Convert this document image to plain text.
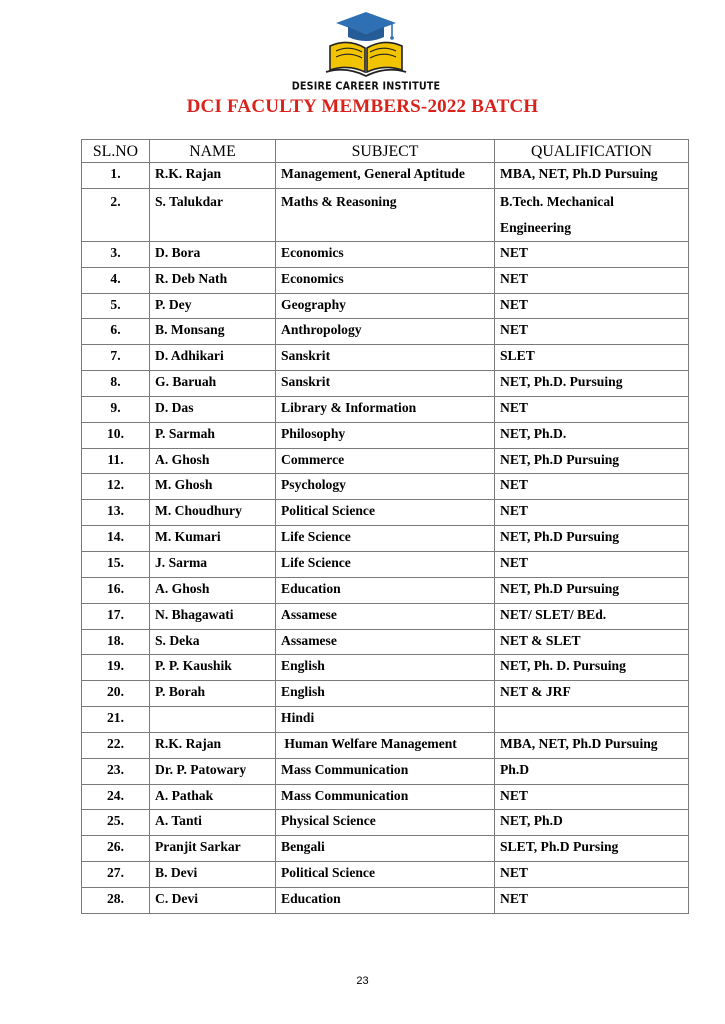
DESIRE CAREER INSTITUTE
DCI FACULTY MEMBERS-2022 BATCH
SL.NO	NAME	SUBJECT	QUALIFICATION
1.	R.K. Rajan	Management, General Aptitude	MBA, NET, Ph.D Pursuing
2.	S. Talukdar	Maths & Reasoning	B.Tech. Mechanical Engineering
3.	D. Bora	Economics	NET
4.	R. Deb Nath	Economics	NET
5.	P. Dey	Geography	NET
6.	B. Monsang	Anthropology	NET
7.	D. Adhikari	Sanskrit	SLET
8.	G. Baruah	Sanskrit	NET, Ph.D. Pursuing
9.	D. Das	Library & Information	NET
10.	P. Sarmah	Philosophy	NET, Ph.D.
11.	A. Ghosh	Commerce	NET, Ph.D Pursuing
12.	M. Ghosh	Psychology	NET
13.	M. Choudhury	Political Science	NET
14.	M. Kumari	Life Science	NET, Ph.D Pursuing
15.	J. Sarma	Life Science	NET
16.	A. Ghosh	Education	NET, Ph.D Pursuing
17.	N. Bhagawati	Assamese	NET/ SLET/ BEd.
18.	S. Deka	Assamese	NET & SLET
19.	P. P. Kaushik	English	NET, Ph. D. Pursuing
20.	P. Borah	English	NET & JRF
21.		Hindi	
22.	R.K. Rajan	Human Welfare Management	MBA, NET, Ph.D Pursuing
23.	Dr. P. Patowary	Mass Communication	Ph.D
24.	A. Pathak	Mass Communication	NET
25.	A. Tanti	Physical Science	NET, Ph.D
26.	Pranjit Sarkar	Bengali	SLET, Ph.D Pursing
27.	B. Devi	Political Science	NET
28.	C. Devi	Education	NET
23
